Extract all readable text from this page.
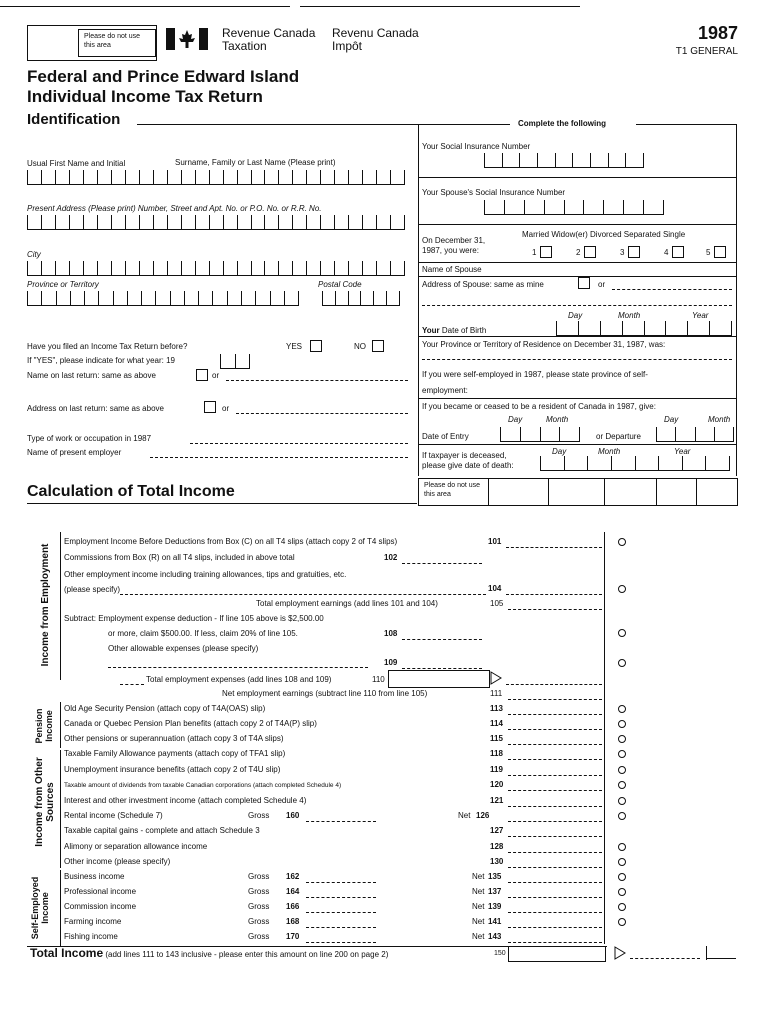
Please do not use this area
Revenue Canada
Taxation
Revenu Canada
Impôt
1987
T1 GENERAL
Federal and Prince Edward Island
Individual Income Tax Return
Identification	Complete the following
Usual First Name and Initial	Surname, Family or Last Name (Please print)
Present Address (Please print) Number, Street and Apt. No. or P.O. No. or R.R. No.
City
Province or Territory	Postal Code
Have you filed an Income Tax Return before?	YES	NO
If "YES", please indicate for what year: 19
Name on last return: same as above	or
Address on last return: same as above	or
Type of work or occupation in 1987
Name of present employer
Your Social Insurance Number
Your Spouse's Social Insurance Number
On December 31,
1987, you were:
Married Widow(er) Divorced Separated Single
1	2	3	4	5
Name of Spouse
Address of Spouse: same as mine	or
Day	Month	Year
Your Date of Birth
Your Province or Territory of Residence on December 31, 1987, was:
If you were self-employed in 1987, please state province of self-
employment:
If you became or ceased to be a resident of Canada in 1987, give:
Day	Month	Day	Month
Date of Entry	or Departure
Day	Month	Year
If taxpayer is deceased,
please give date of death:
Calculation of Total Income	Please do not use this area
Income from Employment
Pension Income
Income from Other Sources
Self-Employed Income
Employment Income Before Deductions from Box (C) on all T4 slips (attach copy 2 of T4 slips)	101
Commissions from Box (R) on all T4 slips, included in above total	102
Other employment income including training allowances, tips and gratuities, etc.
(please specify)	104
Total employment earnings (add lines 101 and 104)	105
Subtract: Employment expense deduction - If line 105 above is $2,500.00
or more, claim $500.00. If less, claim 20% of line 105.	108
Other allowable expenses (please specify)
109
Total employment expenses (add lines 108 and 109)	110
Net employment earnings (subtract line 110 from line 105)	111
Old Age Security Pension (attach copy of T4A(OAS) slip)	113
Canada or Quebec Pension Plan benefits (attach copy 2 of T4A(P) slip)	114
Other pensions or superannuation (attach copy 3 of T4A slips)	115
Taxable Family Allowance payments (attach copy of TFA1 slip)	118
Unemployment insurance benefits (attach copy 2 of T4U slip)	119
Taxable amount of dividends from taxable Canadian corporations (attach completed Schedule 4)	120
Interest and other investment income (attach completed Schedule 4)	121
Rental income (Schedule 7)	Gross 160	Net 126
Taxable capital gains - complete and attach Schedule 3	127
Alimony or separation allowance income	128
Other income (please specify)	130
Business income	Gross 162	Net 135
Professional income	Gross 164	Net 137
Commission income	Gross 166	Net 139
Farming income	Gross 168	Net 141
Fishing income	Gross 170	Net 143
Total Income (add lines 111 to 143 inclusive - please enter this amount on line 200 on page 2)	150
